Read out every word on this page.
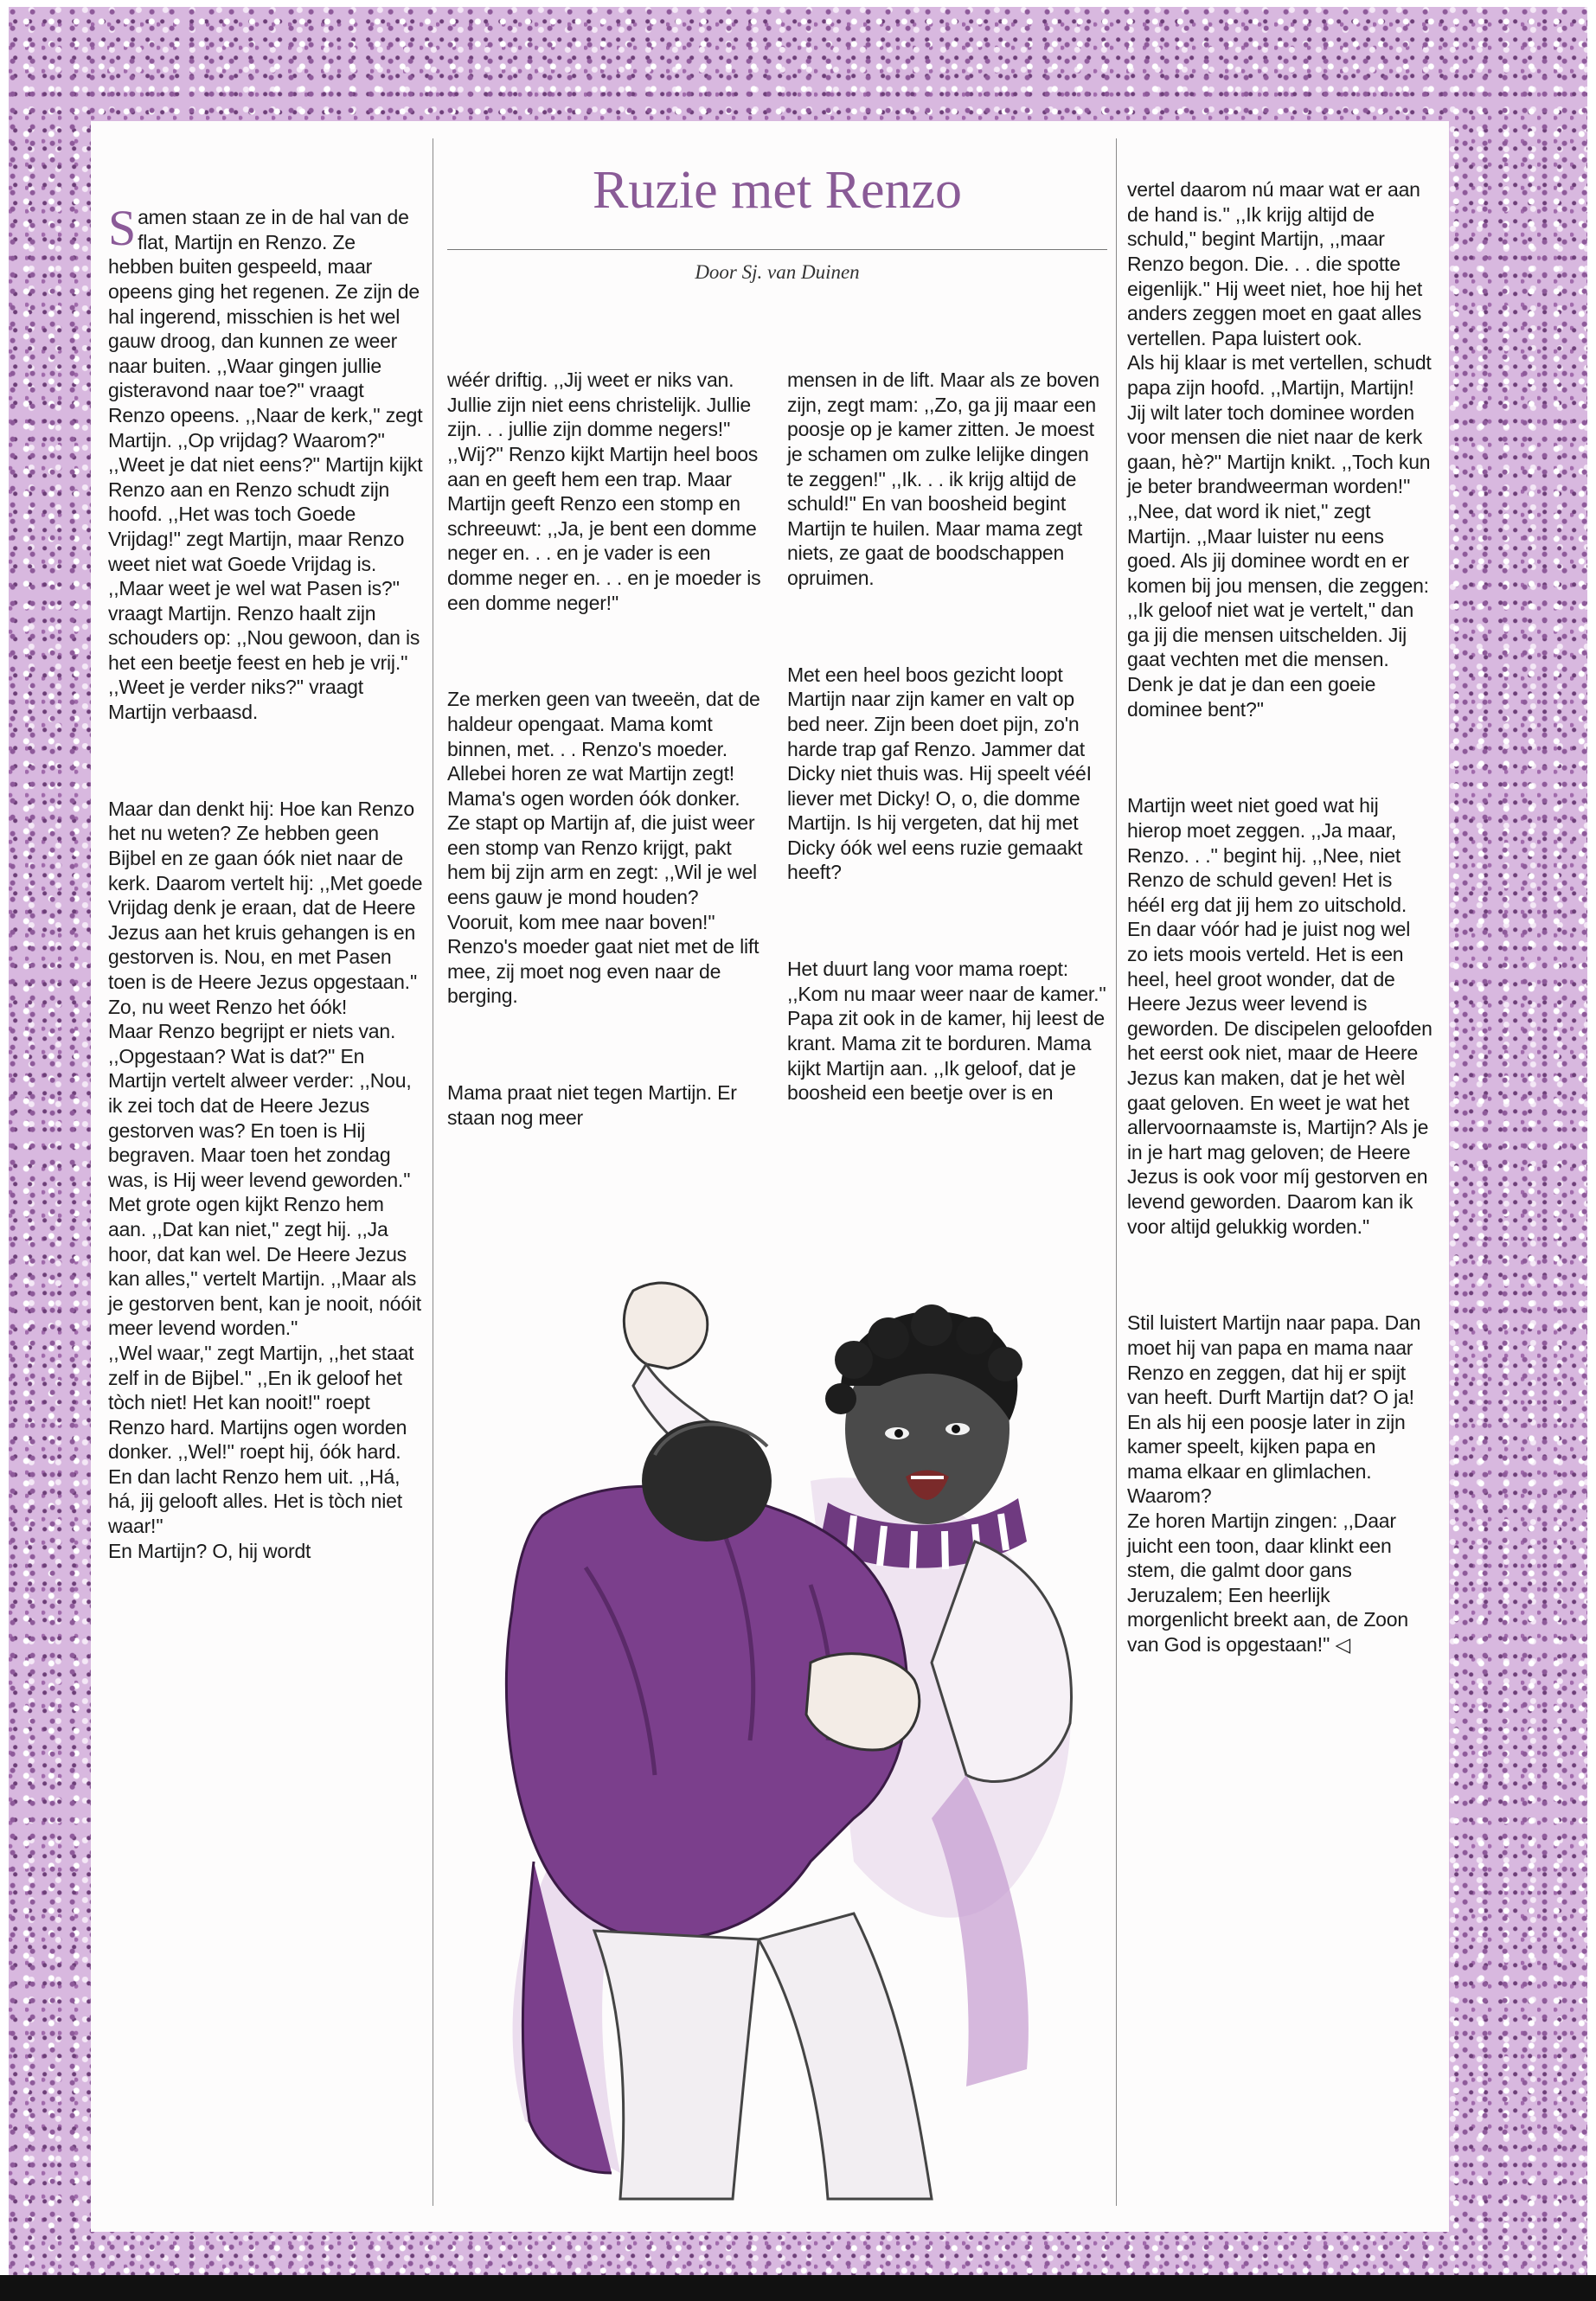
Ruzie met Renzo
Door Sj. van Duinen

Samen staan ze in de hal van de flat, Martijn en Renzo. Ze hebben buiten gespeeld, maar opeens ging het regenen. Ze zijn de hal ingerend, misschien is het wel gauw droog, dan kunnen ze weer naar buiten. ,,Waar gingen jullie gisteravond naar toe?'' vraagt Renzo opeens. ,,Naar de kerk,'' zegt Martijn. ,,Op vrijdag? Waarom?''
,,Weet je dat niet eens?'' Martijn kijkt Renzo aan en Renzo schudt zijn hoofd. ,,Het was toch Goede Vrijdag!'' zegt Martijn, maar Renzo weet niet wat Goede Vrijdag is. ,,Maar weet je wel wat Pasen is?'' vraagt Martijn. Renzo haalt zijn schouders op: ,,Nou gewoon, dan is het een beetje feest en heb je vrij.'' ,,Weet je verder niks?'' vraagt Martijn verbaasd.

Maar dan denkt hij: Hoe kan Renzo het nu weten? Ze hebben geen Bijbel en ze gaan óók niet naar de kerk. Daarom vertelt hij: ,,Met goede Vrijdag denk je eraan, dat de Heere Jezus aan het kruis gehangen is en gestorven is. Nou, en met Pasen toen is de Heere Jezus opgestaan.'' Zo, nu weet Renzo het óók!
Maar Renzo begrijpt er niets van. ,,Opgestaan? Wat is dat?'' En Martijn vertelt alweer verder: ,,Nou, ik zei toch dat de Heere Jezus gestorven was? En toen is Hij begraven. Maar toen het zondag was, is Hij weer levend geworden.'' Met grote ogen kijkt Renzo hem aan. ,,Dat kan niet,'' zegt hij. ,,Ja hoor, dat kan wel. De Heere Jezus kan alles,'' vertelt Martijn. ,,Maar als je gestorven bent, kan je nooit, nóóit meer levend worden.''
,,Wel waar,'' zegt Martijn, ,,het staat zelf in de Bijbel.'' ,,En ik geloof het tòch niet! Het kan nooit!'' roept Renzo hard. Martijns ogen worden donker. ,,Wel!'' roept hij, óók hard. En dan lacht Renzo hem uit. ,,Há, há, jij gelooft alles. Het is tòch niet waar!''
En Martijn? O, hij wordt

wéér driftig. ,,Jij weet er niks van. Jullie zijn niet eens christelijk. Jullie zijn. . . jullie zijn domme negers!''
,,Wij?'' Renzo kijkt Martijn heel boos aan en geeft hem een trap. Maar Martijn geeft Renzo een stomp en schreeuwt: ,,Ja, je bent een domme neger en. . . en je vader is een domme neger en. . . en je moeder is een domme neger!''

Ze merken geen van tweeën, dat de haldeur opengaat. Mama komt binnen, met. . . Renzo's moeder. Allebei horen ze wat Martijn zegt! Mama's ogen worden óók donker. Ze stapt op Martijn af, die juist weer een stomp van Renzo krijgt, pakt hem bij zijn arm en zegt: ,,Wil je wel eens gauw je mond houden? Vooruit, kom mee naar boven!'' Renzo's moeder gaat niet met de lift mee, zij moet nog even naar de berging.

Mama praat niet tegen Martijn. Er staan nog meer

mensen in de lift. Maar als ze boven zijn, zegt mam: ,,Zo, ga jij maar een poosje op je kamer zitten. Je moest je schamen om zulke lelijke dingen te zeggen!'' ,,Ik. . . ik krijg altijd de schuld!'' En van boosheid begint Martijn te huilen. Maar mama zegt niets, ze gaat de boodschappen opruimen.

Met een heel boos gezicht loopt Martijn naar zijn kamer en valt op bed neer. Zijn been doet pijn, zo'n harde trap gaf Renzo. Jammer dat Dicky niet thuis was. Hij speelt vééI liever met Dicky! O, o, die domme Martijn. Is hij vergeten, dat hij met Dicky óók wel eens ruzie gemaakt heeft?

Het duurt lang voor mama roept: ,,Kom nu maar weer naar de kamer.'' Papa zit ook in de kamer, hij leest de krant. Mama zit te borduren. Mama kijkt Martijn aan. ,,Ik geloof, dat je boosheid een beetje over is en

vertel daarom nú maar wat er aan de hand is.'' ,,Ik krijg altijd de schuld,'' begint Martijn, ,,maar Renzo begon. Die. . . die spotte eigenlijk.'' Hij weet niet, hoe hij het anders zeggen moet en gaat alles vertellen. Papa luistert ook.
Als hij klaar is met vertellen, schudt papa zijn hoofd. ,,Martijn, Martijn! Jij wilt later toch dominee worden voor mensen die niet naar de kerk gaan, hè?'' Martijn knikt. ,,Toch kun je beter brandweerman worden!'' ,,Nee, dat word ik niet,'' zegt Martijn. ,,Maar luister nu eens goed. Als jij dominee wordt en er komen bij jou mensen, die zeggen: ,,Ik geloof niet wat je vertelt,'' dan ga jij die mensen uitschelden. Jij gaat vechten met die mensen. Denk je dat je dan een goeie dominee bent?''

Martijn weet niet goed wat hij hierop moet zeggen. ,,Ja maar, Renzo. . .'' begint hij. ,,Nee, niet Renzo de schuld geven! Het is hééI erg dat jij hem zo uitschold. En daar vóór had je juist nog wel zo iets moois verteld. Het is een heel, heel groot wonder, dat de Heere Jezus weer levend is geworden. De discipelen geloofden het eerst ook niet, maar de Heere Jezus kan maken, dat je het wèl gaat geloven. En weet je wat het allervoornaamste is, Martijn? Als je in je hart mag geloven; de Heere Jezus is ook voor míj gestorven en levend geworden. Daarom kan ik voor altijd gelukkig worden.''

Stil luistert Martijn naar papa. Dan moet hij van papa en mama naar Renzo en zeggen, dat hij er spijt van heeft. Durft Martijn dat? O ja! En als hij een poosje later in zijn kamer speelt, kijken papa en mama elkaar en glimlachen. Waarom?
Ze horen Martijn zingen: ,,Daar juicht een toon, daar klinkt een stem, die galmt door gans Jeruzalem; Een heerlijk morgenlicht breekt aan, de Zoon van God is opgestaan!'' ◁
